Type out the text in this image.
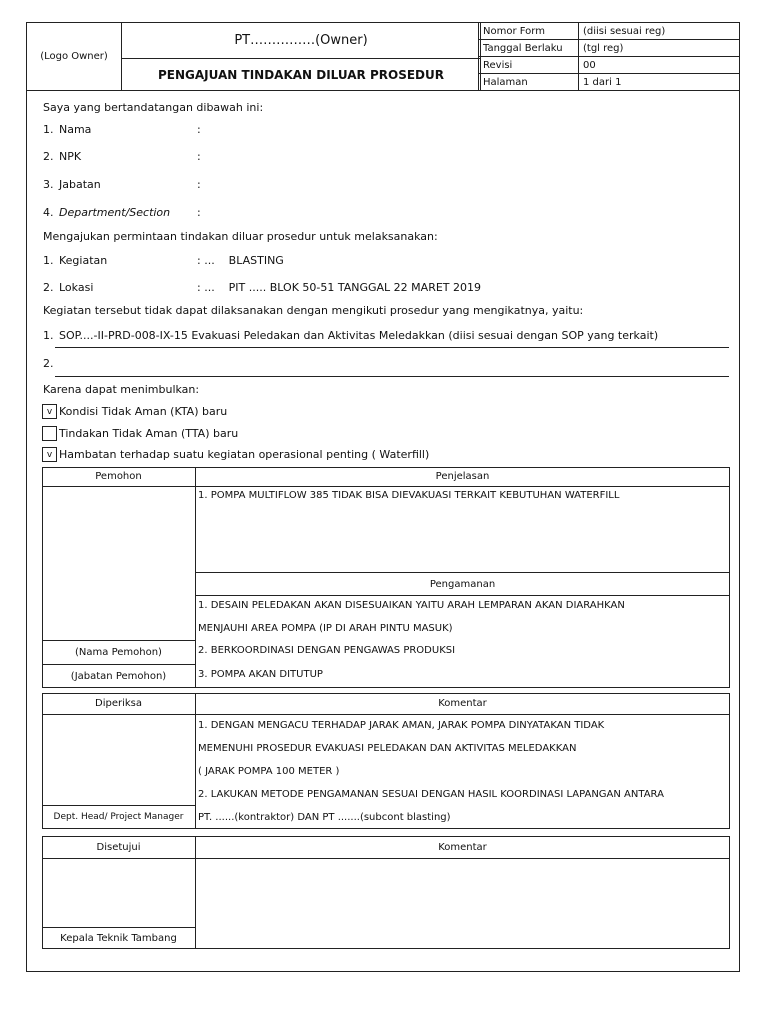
(Logo Owner)
PT……………(Owner)
PENGAJUAN TINDAKAN DILUAR PROSEDUR
Nomor Form	(diisi sesuai reg)
Tanggal Berlaku	(tgl reg)
Revisi	00
Halaman	1 dari 1
Saya yang bertandatangan dibawah ini:
1. Nama	:
2. NPK	:
3. Jabatan	:
4. Department/Section :
Mengajukan permintaan tindakan diluar prosedur untuk melaksanakan:
1. Kegiatan	: ...    BLASTING
2. Lokasi	: ...    PIT ..... BLOK 50-51 TANGGAL 22 MARET 2019
Kegiatan tersebut tidak dapat dilaksanakan dengan mengikuti prosedur yang mengikatnya, yaitu:
1. SOP....-II-PRD-008-IX-15 Evakuasi Peledakan dan Aktivitas Meledakkan (diisi sesuai dengan SOP yang terkait)
2.
Karena dapat menimbulkan:
v Kondisi Tidak Aman (KTA) baru
Tindakan Tidak Aman (TTA) baru
v Hambatan terhadap suatu kegiatan operasional penting ( Waterfill)
Pemohon	Penjelasan
1. POMPA MULTIFLOW 385 TIDAK BISA DIEVAKUASI TERKAIT KEBUTUHAN WATERFILL
Pengamanan
1. DESAIN PELEDAKAN AKAN DISESUAIKAN YAITU ARAH LEMPARAN AKAN DIARAHKAN
MENJAUHI AREA POMPA (IP DI ARAH PINTU MASUK)
2. BERKOORDINASI DENGAN PENGAWAS PRODUKSI
3. POMPA AKAN DITUTUP
(Nama Pemohon)
(Jabatan Pemohon)
Diperiksa	Komentar
1. DENGAN MENGACU TERHADAP JARAK AMAN, JARAK POMPA DINYATAKAN TIDAK
MEMENUHI PROSEDUR EVAKUASI PELEDAKAN DAN AKTIVITAS MELEDAKKAN
( JARAK POMPA 100 METER )
2. LAKUKAN METODE PENGAMANAN SESUAI DENGAN HASIL KOORDINASI LAPANGAN ANTARA
PT. ......(kontraktor) DAN PT .......(subcont blasting)
Dept. Head/ Project Manager
Disetujui	Komentar
Kepala Teknik Tambang
